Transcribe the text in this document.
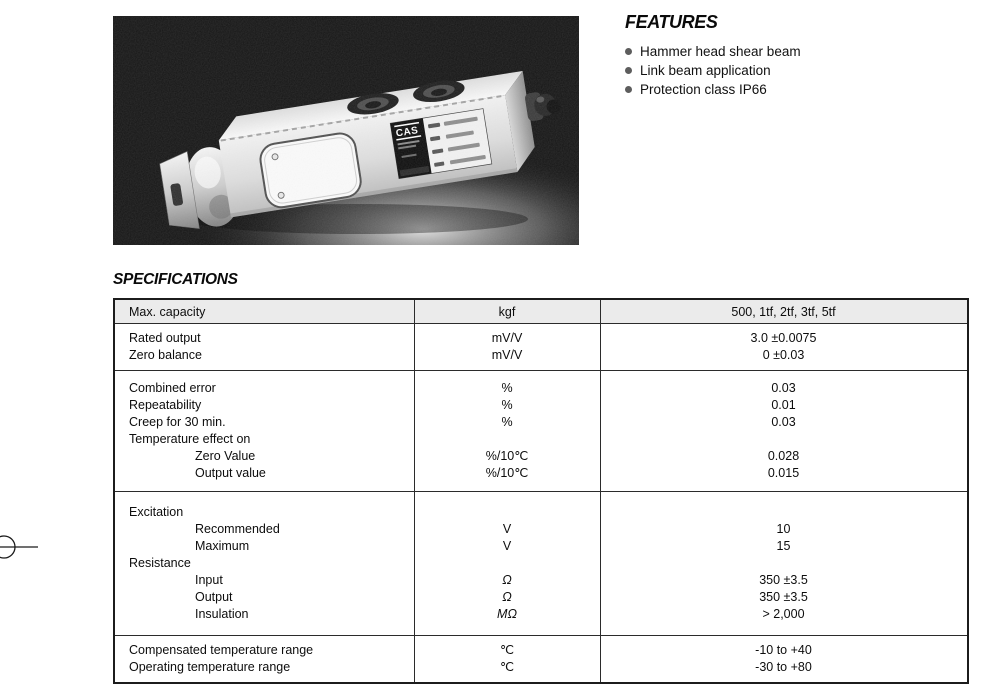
FEATURES
Hammer head shear beam
Link beam application
Protection class IP66
SPECIFICATIONS
Max. capacity	kgf	500, 1tf, 2tf, 3tf, 5tf
Rated output	mV/V	3.0 ±0.0075
Zero balance	mV/V	0 ±0.03
Combined error	%	0.03
Repeatability	%	0.01
Creep for 30 min.	%	0.03
Temperature effect on
Zero Value	%/10℃	0.028
Output value	%/10℃	0.015
Excitation
Recommended	V	10
Maximum	V	15
Resistance
Input	Ω	350 ±3.5
Output	Ω	350 ±3.5
Insulation	MΩ	> 2,000
Compensated temperature range	℃	-10 to +40
Operating temperature range	℃	-30 to +80
